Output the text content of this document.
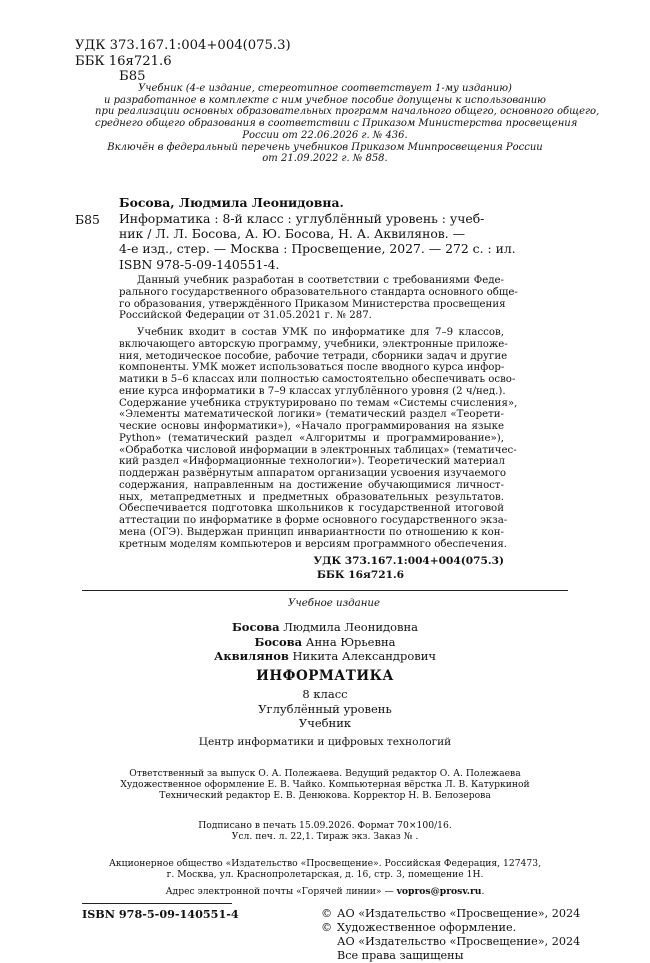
УДК 373.167.1:004+004(075.3)
ББК 16я721.6
Б85
Учебник (4-е издание, стереотипное соответствует 1-му изданию)
и разработанное в комплекте с ним учебное пособие допущены к использованию
при реализации основных образовательных программ начального общего, основного общего,
среднего общего образования в соответствии с Приказом Министерства просвещения
России от 22.06.2026 г. № 436.
Включён в федеральный перечень учебников Приказом Минпросвещения России
от 21.09.2022 г. № 858.
Босова, Людмила Леонидовна.
Б85 Информатика : 8-й класс : углублённый уровень : учеб-
ник / Л. Л. Босова, А. Ю. Босова, Н. А. Аквилянов. —
4-е изд., стер. — Москва : Просвещение, 2027. — 272 с. : ил.
ISBN 978-5-09-140551-4.
Данный учебник разработан в соответствии с требованиями Феде-
рального государственного образовательного стандарта основного обще-
го образования, утверждённого Приказом Министерства просвещения
Российской Федерации от 31.05.2021 г. № 287.
Учебник входит в состав УМК по информатике для 7–9 классов,
включающего авторскую программу, учебники, электронные приложе-
ния, методическое пособие, рабочие тетради, сборники задач и другие
компоненты. УМК может использоваться после вводного курса инфор-
матики в 5–6 классах или полностью самостоятельно обеспечивать осво-
ение курса информатики в 7–9 классах углублённого уровня (2 ч/нед.).
Содержание учебника структурировано по темам «Системы счисления»,
«Элементы математической логики» (тематический раздел «Теорети-
ческие основы информатики»), «Начало программирования на языке
Python» (тематический раздел «Алгоритмы и программирование»),
«Обработка числовой информации в электронных таблицах» (тематичес-
кий раздел «Информационные технологии»). Теоретический материал
поддержан развёрнутым аппаратом организации усвоения изучаемого
содержания, направленным на достижение обучающимися личност-
ных, метапредметных и предметных образовательных результатов.
Обеспечивается подготовка школьников к государственной итоговой
аттестации по информатике в форме основного государственного экза-
мена (ОГЭ). Выдержан принцип инвариантности по отношению к кон-
кретным моделям компьютеров и версиям программного обеспечения.
УДК 373.167.1:004+004(075.3)
ББК 16я721.6
Учебное издание
Босова Людмила Леонидовна
Босова Анна Юрьевна
Аквилянов Никита Александрович
ИНФОРМАТИКА
8 класс
Углублённый уровень
Учебник
Центр информатики и цифровых технологий
Ответственный за выпуск О. А. Полежаева. Ведущий редактор О. А. Полежаева
Художественное оформление Е. В. Чайко. Компьютерная вёрстка Л. В. Катуркиной
Технический редактор Е. В. Денюкова. Корректор Н. В. Белозерова
Подписано в печать 15.09.2026. Формат 70×100/16.
Усл. печ. л. 22,1. Тираж экз. Заказ № .
Акционерное общество «Издательство «Просвещение». Российская Федерация, 127473,
г. Москва, ул. Краснопролетарская, д. 16, стр. 3, помещение 1Н.
Адрес электронной почты «Горячей линии» — vopros@prosv.ru.
ISBN 978-5-09-140551-4	© АО «Издательство «Просвещение», 2024
© Художественное оформление.
АО «Издательство «Просвещение», 2024
Все права защищены
